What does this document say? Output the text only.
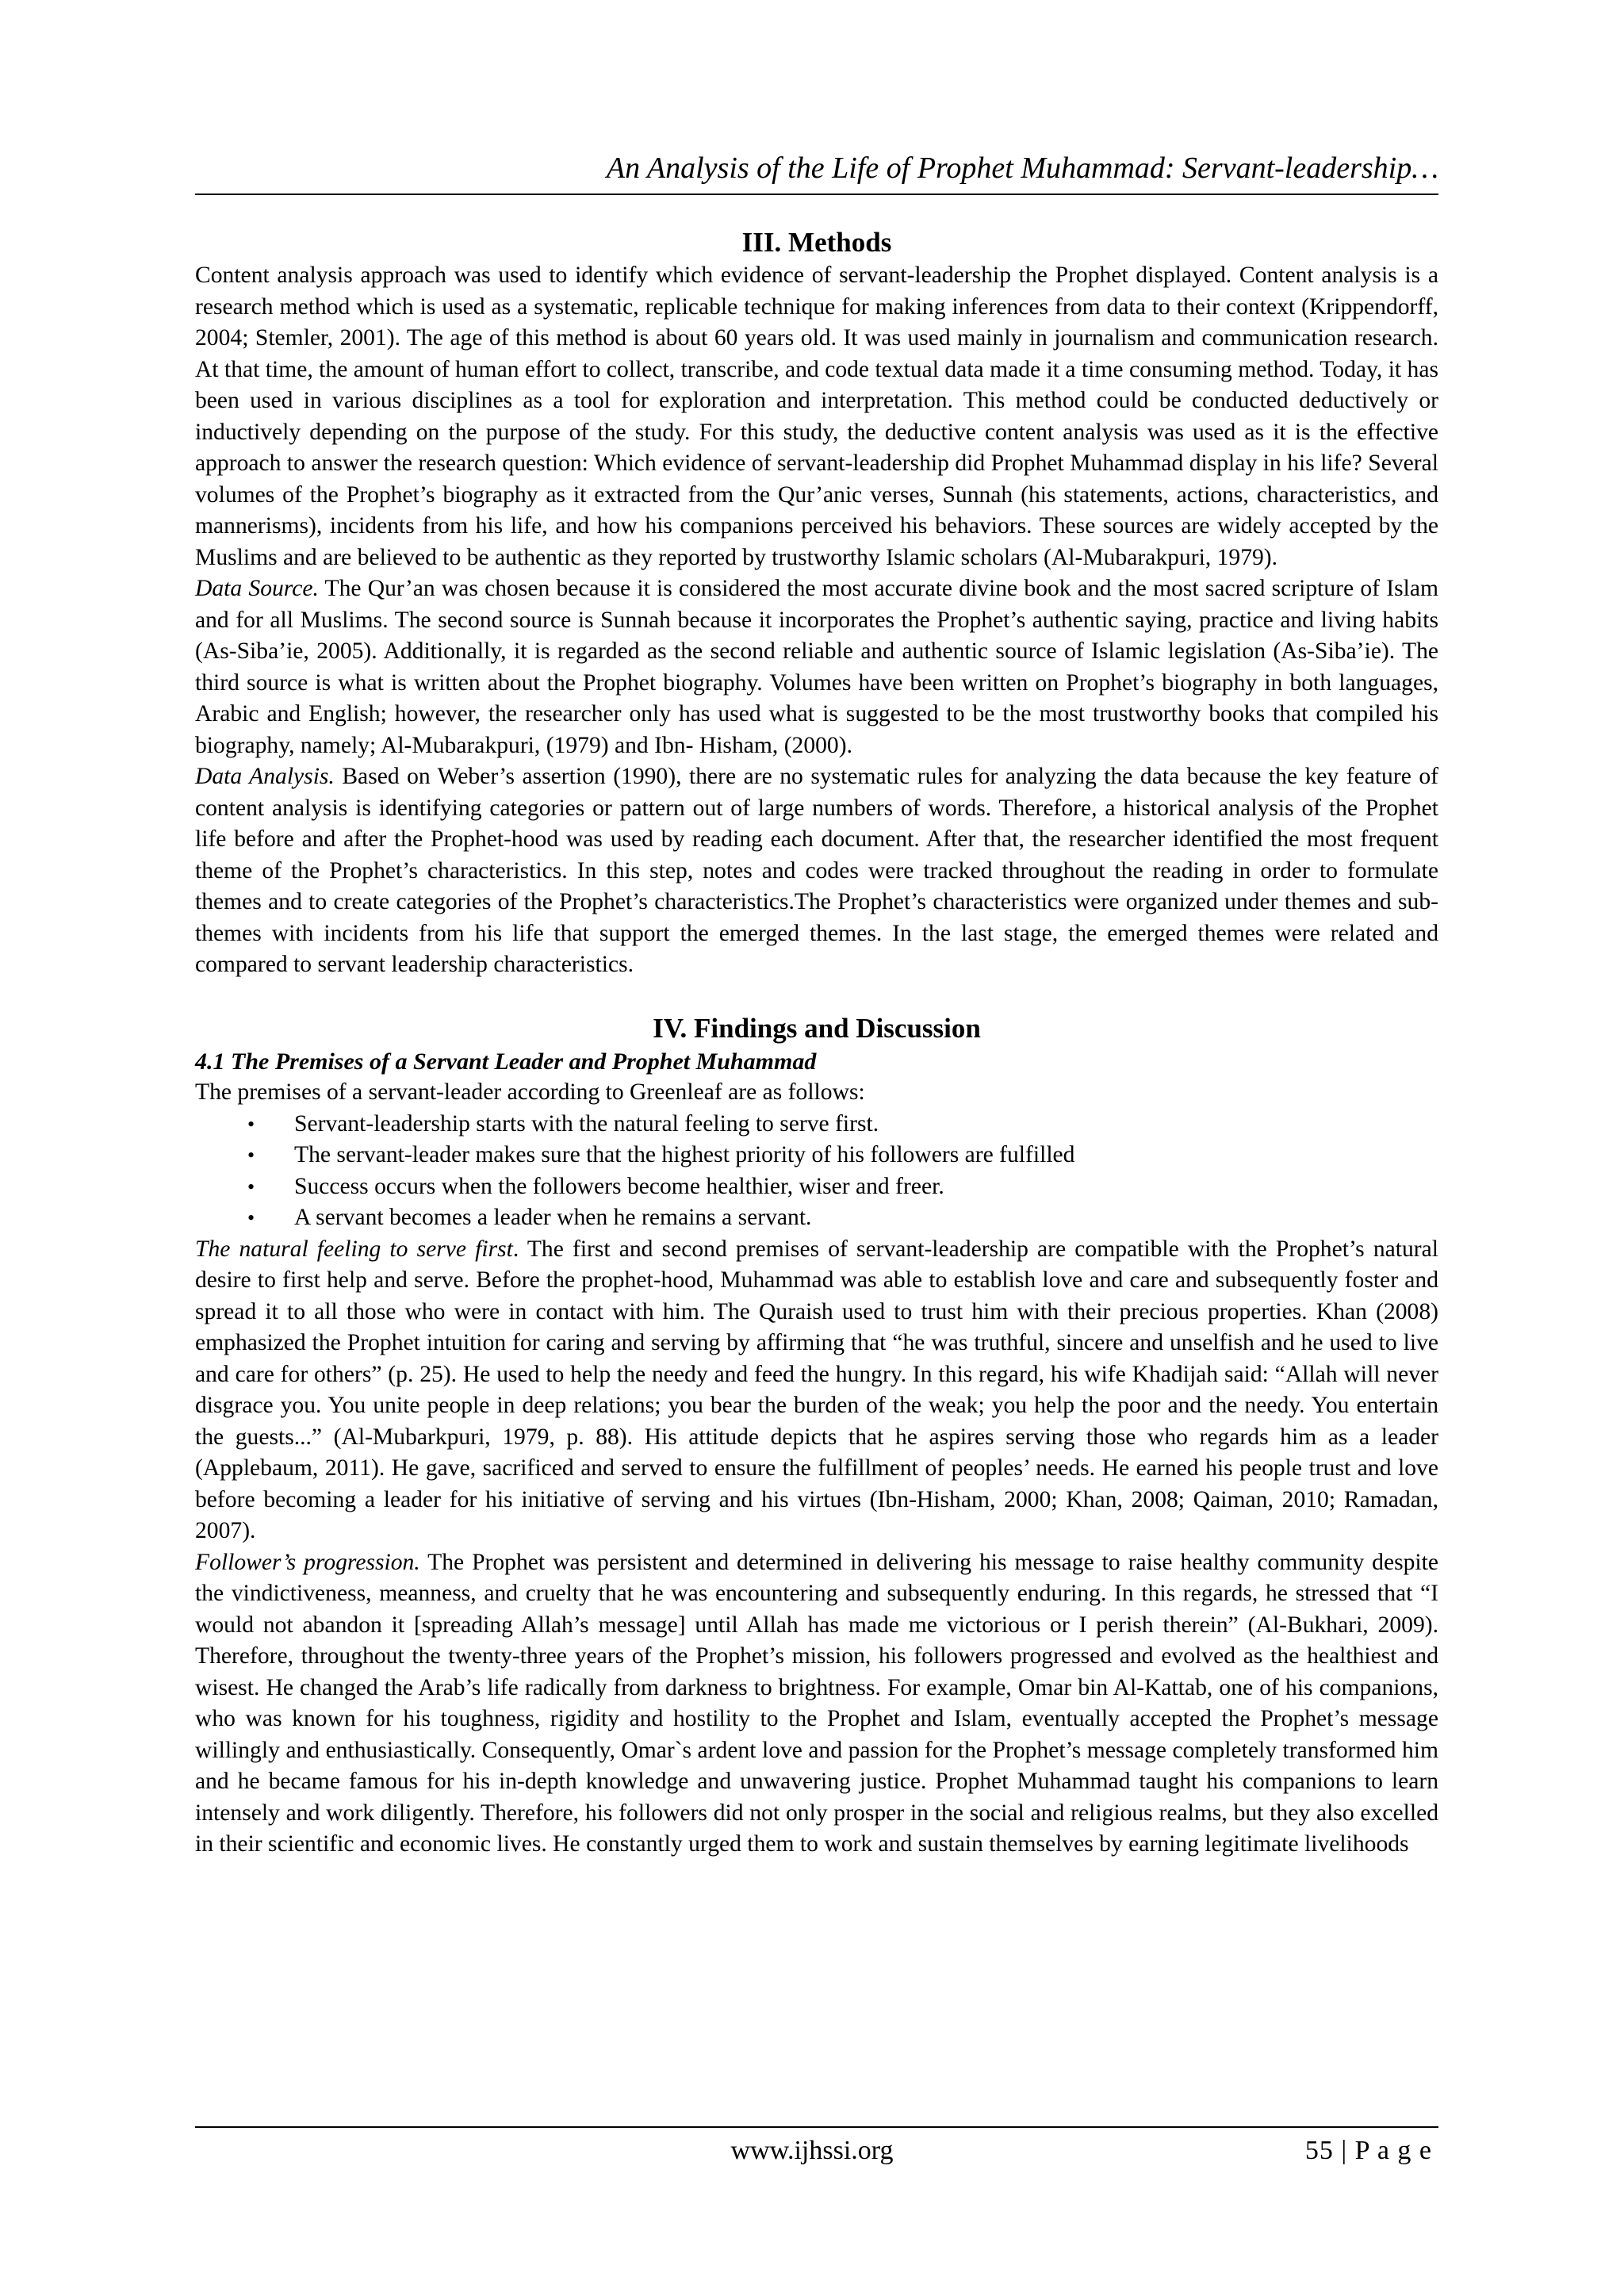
An Analysis of the Life of Prophet Muhammad: Servant-leadership…
III. Methods

Content analysis approach was used to identify which evidence of servant-leadership the Prophet displayed. Content analysis is a research method which is used as a systematic, replicable technique for making inferences from data to their context (Krippendorff, 2004; Stemler, 2001). The age of this method is about 60 years old. It was used mainly in journalism and communication research. At that time, the amount of human effort to collect, transcribe, and code textual data made it a time consuming method. Today, it has been used in various disciplines as a tool for exploration and interpretation. This method could be conducted deductively or inductively depending on the purpose of the study. For this study, the deductive content analysis was used as it is the effective approach to answer the research question: Which evidence of servant-leadership did Prophet Muhammad display in his life? Several volumes of the Prophet’s biography as it extracted from the Qur’anic verses, Sunnah (his statements, actions, characteristics, and mannerisms), incidents from his life, and how his companions perceived his behaviors. These sources are widely accepted by the Muslims and are believed to be authentic as they reported by trustworthy Islamic scholars (Al-Mubarakpuri, 1979).

Data Source. The Qur’an was chosen because it is considered the most accurate divine book and the most sacred scripture of Islam and for all Muslims. The second source is Sunnah because it incorporates the Prophet’s authentic saying, practice and living habits (As-Siba’ie, 2005). Additionally, it is regarded as the second reliable and authentic source of Islamic legislation (As-Siba’ie). The third source is what is written about the Prophet biography. Volumes have been written on Prophet’s biography in both languages, Arabic and English; however, the researcher only has used what is suggested to be the most trustworthy books that compiled his biography, namely; Al-Mubarakpuri, (1979) and Ibn- Hisham, (2000).

Data Analysis. Based on Weber’s assertion (1990), there are no systematic rules for analyzing the data because the key feature of content analysis is identifying categories or pattern out of large numbers of words. Therefore, a historical analysis of the Prophet life before and after the Prophet-hood was used by reading each document. After that, the researcher identified the most frequent theme of the Prophet’s characteristics. In this step, notes and codes were tracked throughout the reading in order to formulate themes and to create categories of the Prophet’s characteristics.The Prophet’s characteristics were organized under themes and sub-themes with incidents from his life that support the emerged themes. In the last stage, the emerged themes were related and compared to servant leadership characteristics.

IV. Findings and Discussion
4.1 The Premises of a Servant Leader and Prophet Muhammad

The premises of a servant-leader according to Greenleaf are as follows:

• Servant-leadership starts with the natural feeling to serve first.
• The servant-leader makes sure that the highest priority of his followers are fulfilled
• Success occurs when the followers become healthier, wiser and freer.
• A servant becomes a leader when he remains a servant.

The natural feeling to serve first. The first and second premises of servant-leadership are compatible with the Prophet’s natural desire to first help and serve. Before the prophet-hood, Muhammad was able to establish love and care and subsequently foster and spread it to all those who were in contact with him. The Quraish used to trust him with their precious properties. Khan (2008) emphasized the Prophet intuition for caring and serving by affirming that “he was truthful, sincere and unselfish and he used to live and care for others” (p. 25). He used to help the needy and feed the hungry. In this regard, his wife Khadijah said: “Allah will never disgrace you. You unite people in deep relations; you bear the burden of the weak; you help the poor and the needy. You entertain the guests...” (Al-Mubarkpuri, 1979, p. 88). His attitude depicts that he aspires serving those who regards him as a leader (Applebaum, 2011). He gave, sacrificed and served to ensure the fulfillment of peoples’ needs. He earned his people trust and love before becoming a leader for his initiative of serving and his virtues (Ibn-Hisham, 2000; Khan, 2008; Qaiman, 2010; Ramadan, 2007).

Follower’s progression. The Prophet was persistent and determined in delivering his message to raise healthy community despite the vindictiveness, meanness, and cruelty that he was encountering and subsequently enduring. In this regards, he stressed that “I would not abandon it [spreading Allah’s message] until Allah has made me victorious or I perish therein” (Al-Bukhari, 2009). Therefore, throughout the twenty-three years of the Prophet’s mission, his followers progressed and evolved as the healthiest and wisest. He changed the Arab’s life radically from darkness to brightness. For example, Omar bin Al-Kattab, one of his companions, who was known for his toughness, rigidity and hostility to the Prophet and Islam, eventually accepted the Prophet’s message willingly and enthusiastically. Consequently, Omar`s ardent love and passion for the Prophet’s message completely transformed him and he became famous for his in-depth knowledge and unwavering justice. Prophet Muhammad taught his companions to learn intensely and work diligently. Therefore, his followers did not only prosper in the social and religious realms, but they also excelled in their scientific and economic lives. He constantly urged them to work and sustain themselves by earning legitimate livelihoods

www.ijhssi.org	55 | P a g e
